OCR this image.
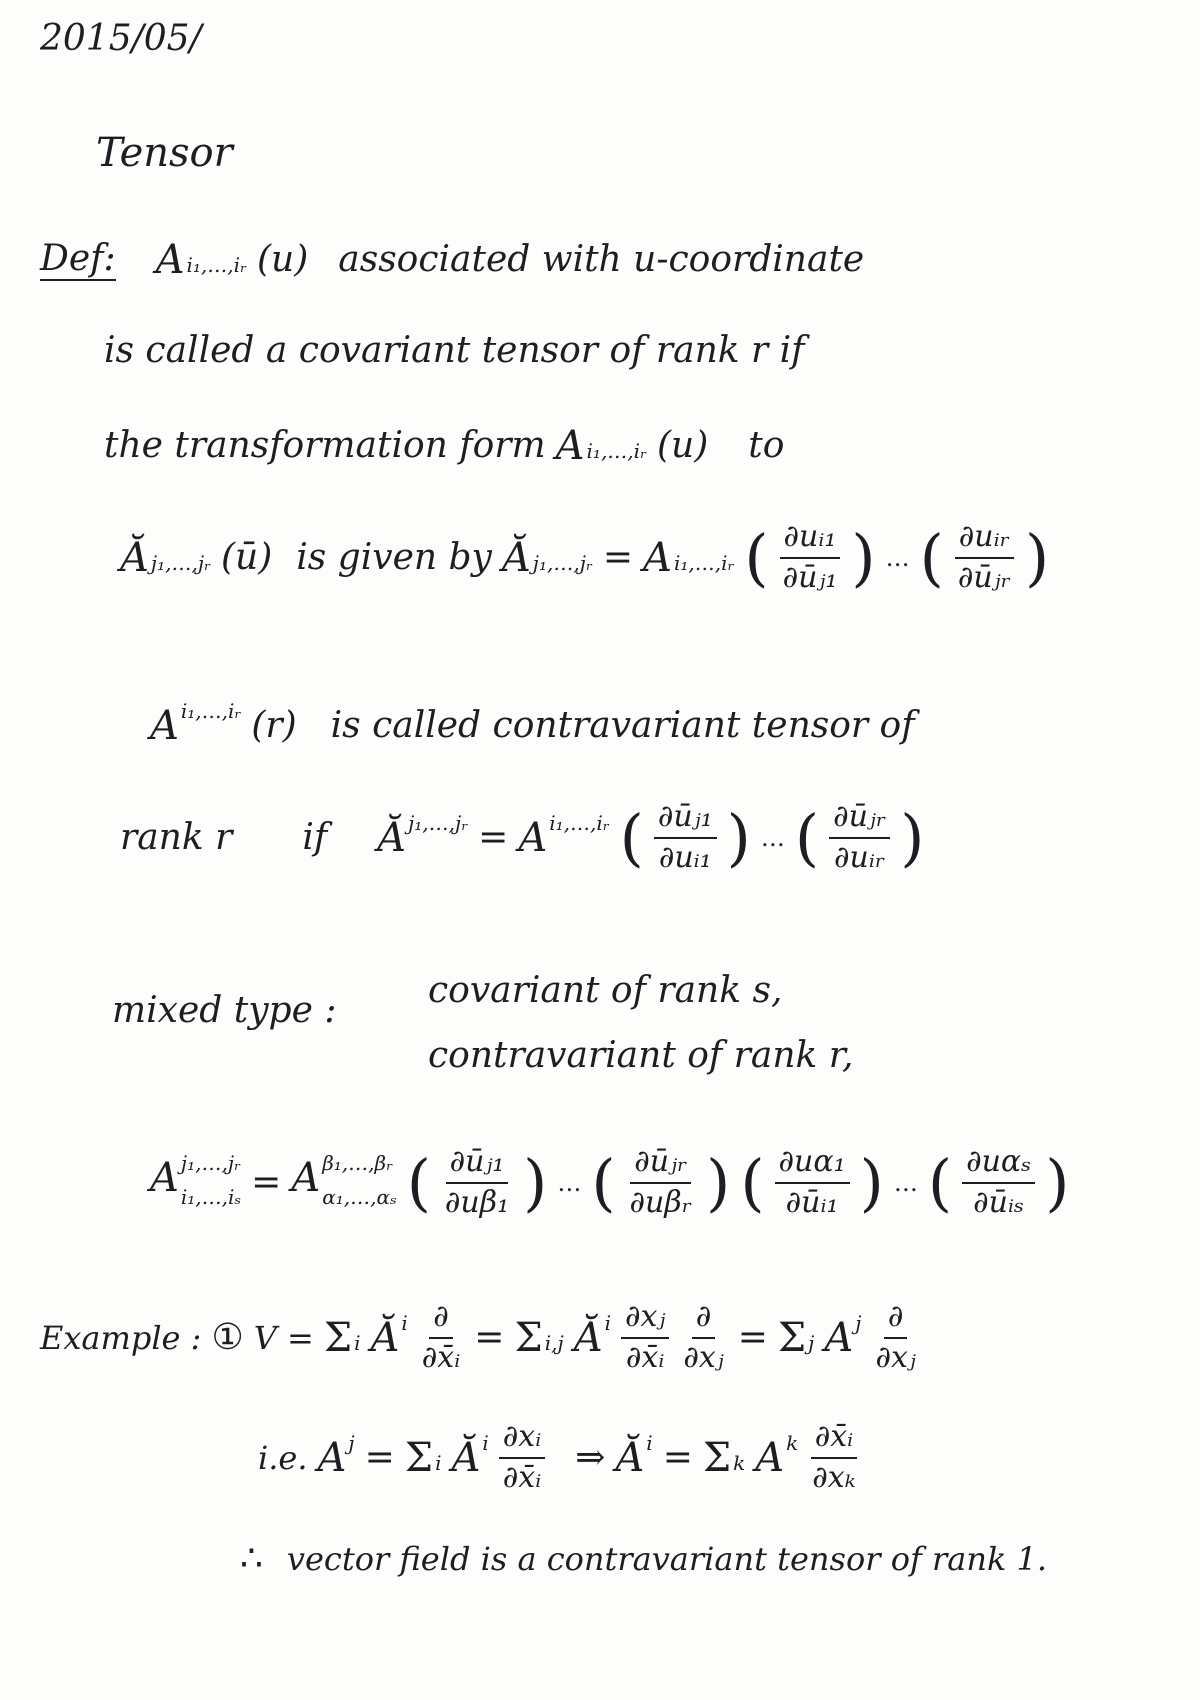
2015/05/
Tensor
Def: A i₁,…,iᵣ (u) associated with u-coordinate
is called a covariant tensor of rank r if
the transformation form A i₁,…,iᵣ (u) to
Ă j₁,…,jᵣ (ū) is given by Ă j₁,…,jᵣ = A i₁,…,iᵣ ( $\frac{\text{∂uᵢ₁}}{\text{∂ūⱼ₁}}$ ) … ( $\frac{\text{∂uᵢᵣ}}{\text{∂ūⱼᵣ}}$ )
A i₁,…,iᵣ (r) is called contravariant tensor of
rank r if Ă j₁,…,jᵣ = A i₁,…,iᵣ ( $\frac{\text{∂ūⱼ₁}}{\text{∂uᵢ₁}}$ ) … ( $\frac{\text{∂ūⱼᵣ}}{\text{∂uᵢᵣ}}$ )
mixed type :	covariant of rank s,
contravariant of rank r,
A j₁,…,jᵣ
i₁,…,iₛ = A β₁,…,βᵣ
α₁,…,αₛ ( $\frac{\text{∂ūⱼ₁}}{\text{∂uβ₁}}$ ) … ( $\frac{\text{∂ūⱼᵣ}}{\text{∂uβᵣ}}$ ) ( $\frac{\text{∂uα₁}}{\text{∂ūᵢ₁}}$ ) … ( $\frac{\text{∂uαₛ}}{\text{∂ūᵢₛ}}$ )
Example : ① V = Σ i Ă i $\frac{\partial}{\text{∂x̄ᵢ}} = \Sigma$ i,j Ă i $\frac{\text{∂xⱼ}}{\text{∂x̄ᵢ}} \frac{\partial}{\text{∂xⱼ}} = \Sigma$ j A j $\frac{\partial}{\text{∂xⱼ}}$
i.e. A j = Σ i Ă i $\frac{\text{∂xᵢ}}{\text{∂x̄ᵢ}}$ ⇒ Ă i = Σ k A k $\frac{\text{∂x̄ᵢ}}{\text{∂xₖ}}$
∴ vector field is a contravariant tensor of rank 1.
